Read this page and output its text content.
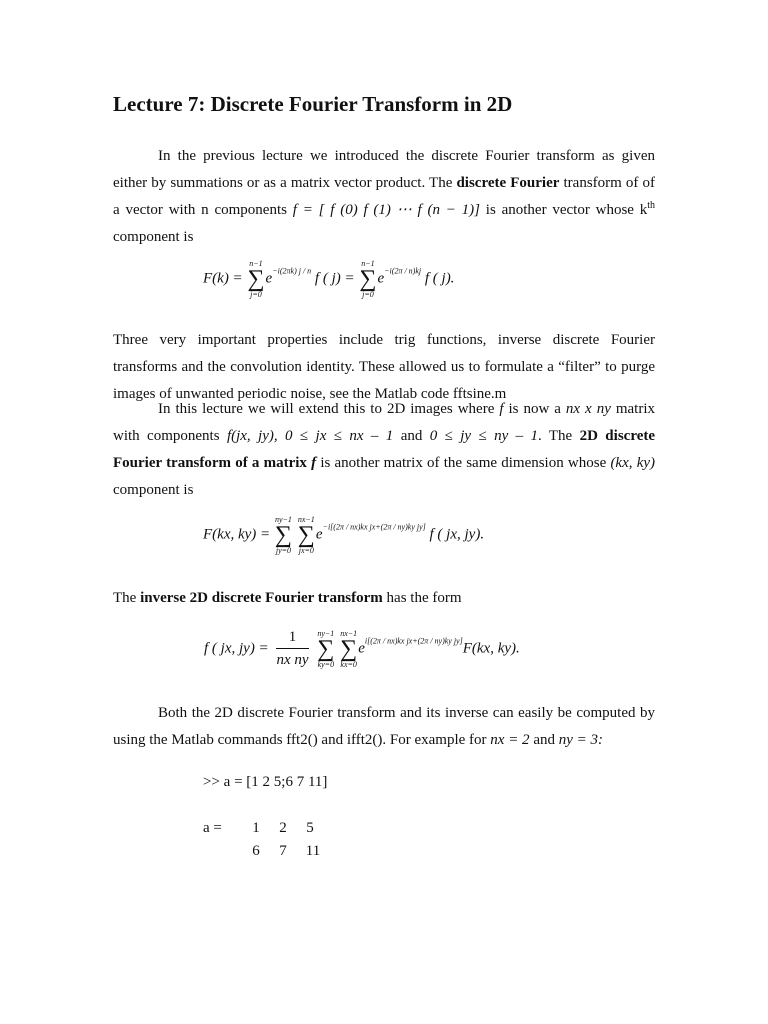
Lecture 7: Discrete Fourier Transform in 2D
In the previous lecture we introduced the discrete Fourier transform as given
either by summations or as a matrix vector product. The discrete Fourier transform of of
a vector with n components f = [ f (0) f (1) ⋯ f (n − 1)] is another vector whose $k^{th}$
component is
F(k) =
n−1
∑
j=0
$e^{-i(2\pi k) j / n}$ f ( j) =
n−1
∑
j=0
$e^{-i(2\pi / n)kj}$ f ( j).
Three very important properties include trig functions, inverse discrete Fourier
transforms and the convolution identity. These allowed us to formulate a “filter” to purge
images of unwanted periodic noise, see the Matlab code fftsine.m
In this lecture we will extend this to 2D images where f is now a nx x ny matrix
with components f(jx, jy), 0 ≤ jx ≤ nx – 1 and 0 ≤ jy ≤ ny – 1. The 2D discrete
Fourier transform of a matrix f is another matrix of the same dimension whose (kx, ky)
component is
F(kx, ky) =
ny−1
∑
jy=0

nx−1
∑
jx=0
$e^{-i[(2\pi / nx)kx jx+(2\pi / ny)ky jy]}$ f ( jx, jy).
The inverse 2D discrete Fourier transform has the form
f ( jx, $jy) = \frac{1}{\text{nx ny}}$
ny−1
∑
ky=0

nx−1
∑
kx=0
$e^{i[(2\pi / nx)kx jx+(2\pi / ny)ky jy]}F(kx$, ky).
Both the 2D discrete Fourier transform and its inverse can easily be computed by
using the Matlab commands fft2() and ifft2(). For example for nx = 2 and ny = 3:
>> a = [1 2 5;6 7 11]
a =	1	2	5
6	7	11
